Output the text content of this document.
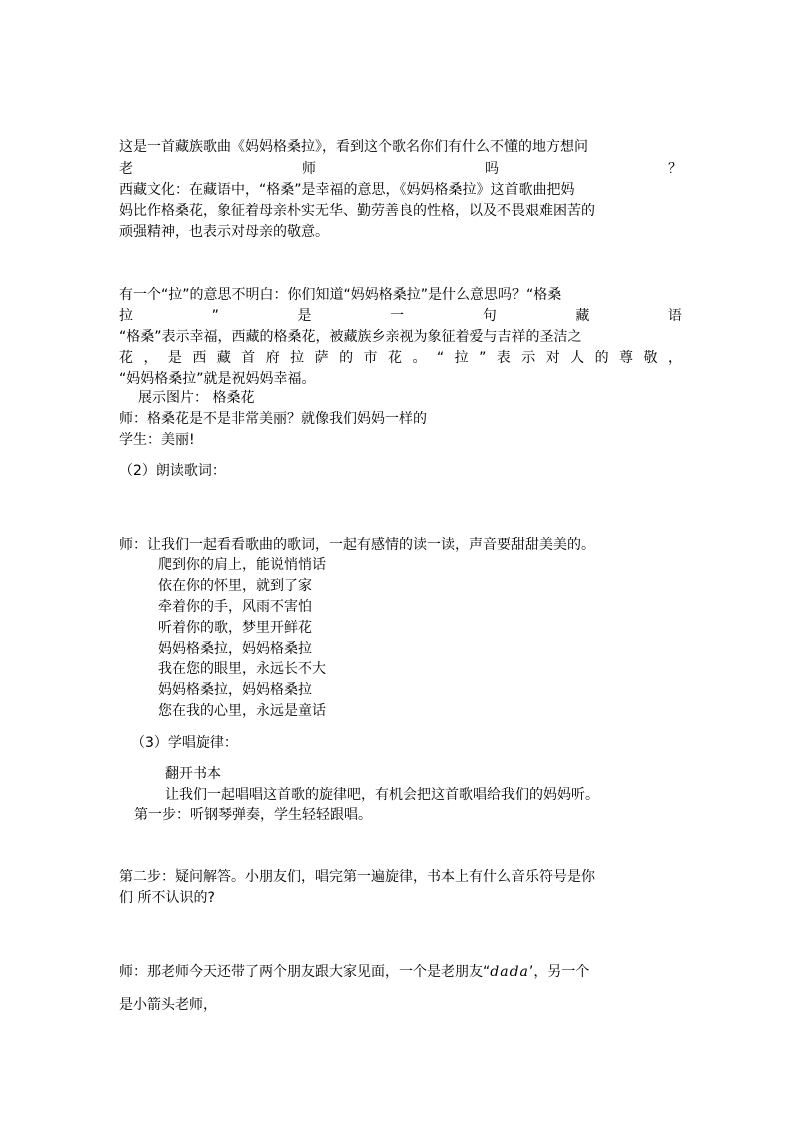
这是一首藏族歌曲《妈妈格桑拉》，看到这个歌名你们有什么不懂的地方想问
老	师	吗	？
西藏文化：在藏语中，“格桑”是幸福的意思，《妈妈格桑拉》这首歌曲把妈
妈比作格桑花，象征着母亲朴实无华、勤劳善良的性格，以及不畏艰难困苦的
顽强精神，也表示对母亲的敬意。
有一个“拉”的意思不明白：你们知道“妈妈格桑拉”是什么意思吗？“格桑
拉	”	是	一	句	藏	语
“格桑”表示幸福，西藏的格桑花，被藏族乡亲视为象征着爱与吉祥的圣洁之
花 ， 是 西 藏 首 府 拉 萨 的 市 花 。 “ 拉 ” 表 示 对 人 的 尊 敬 ，
“妈妈格桑拉”就是祝妈妈幸福。
展示图片： 格桑花
师：格桑花是不是非常美丽？就像我们妈妈一样的
学生：美丽!
（2）朗读歌词：
师：让我们一起看看歌曲的歌词，一起有感情的读一读，声音要甜甜美美的。
爬到你的肩上，能说悄悄话
依在你的怀里，就到了家
牵着你的手，风雨不害怕
听着你的歌，梦里开鲜花
妈妈格桑拉，妈妈格桑拉
我在您的眼里，永远长不大
妈妈格桑拉，妈妈格桑拉
您在我的心里，永远是童话
（3）学唱旋律：
翻开书本
让我们一起唱唱这首歌的旋律吧，有机会把这首歌唱给我们的妈妈听。
第一步：听钢琴弹奏，学生轻轻跟唱。
第二步：疑问解答。小朋友们，唱完第一遍旋律，书本上有什么音乐符号是你
们 所不认识的?
师：那老师今天还带了两个朋友跟大家见面，一个是老朋友“dada’，另一个
是小箭头老师，
